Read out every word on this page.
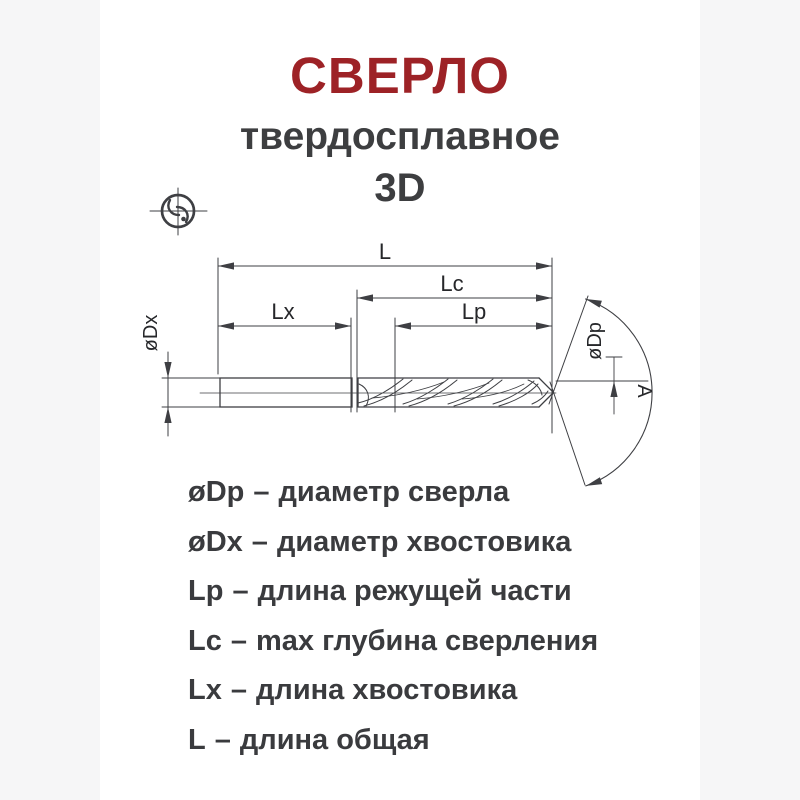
СВЕРЛО
твердосплавное
3D
L
Lc
Lx	Lp
øDx	øDp
A
øDp – диаметр сверла
øDx – диаметр хвостовика
Lp – длина режущей части
Lc – max глубина сверления
Lx – длина хвостовика
L – длина общая
